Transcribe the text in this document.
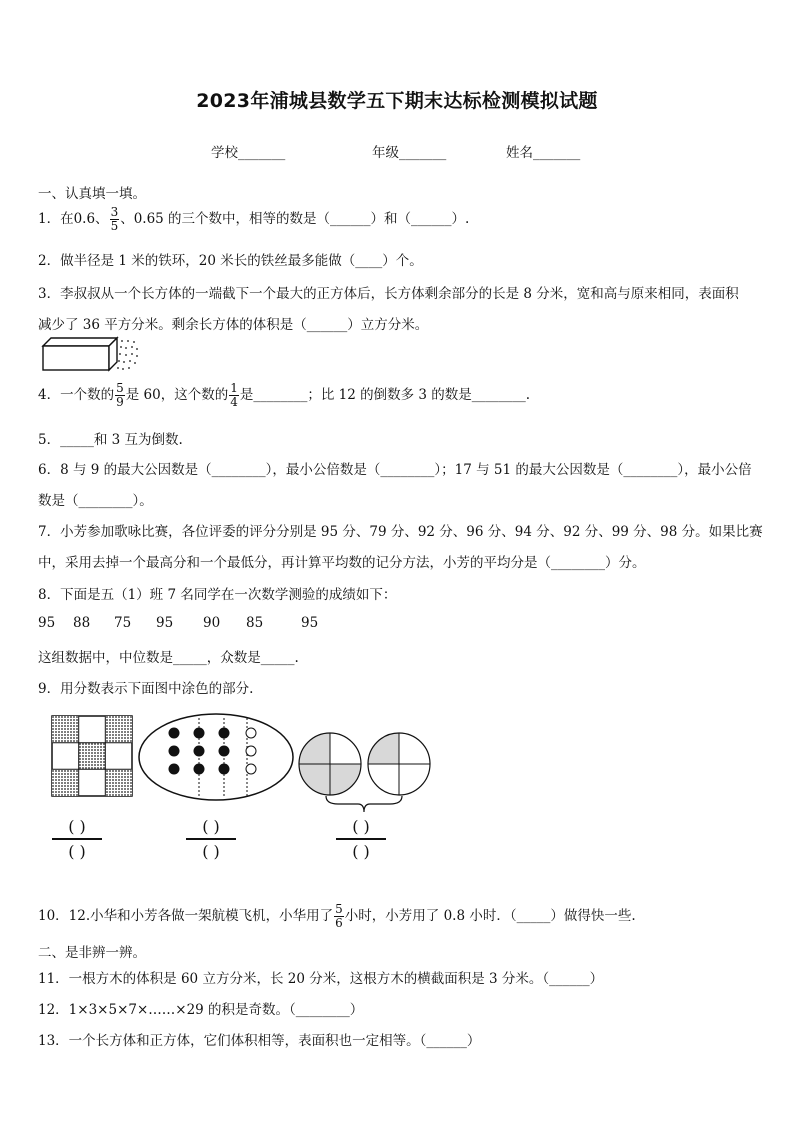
2023年浦城县数学五下期末达标检测模拟试题
学校_______	年级_______	姓名_______
一、认真填一填。
1．在0.6、 $\frac{3}{5}$ 、0.65 的三个数中，相等的数是（______）和（______）.
2．做半径是 1 米的铁环，20 米长的铁丝最多能做（____）个。
3．李叔叔从一个长方体的一端截下一个最大的正方体后，长方体剩余部分的长是 8 分米，宽和高与原来相同，表面积
减少了 36 平方分米。剩余长方体的体积是（______）立方分米。
4．一个数的 $\frac{5}{9}$ 是 60，这个数的 $\frac{1}{4}$ 是________；比 12 的倒数多 3 的数是________.
5．_____和 3 互为倒数.
6．8 与 9 的最大公因数是（________），最小公倍数是（________）；17 与 51 的最大公因数是（________），最小公倍
数是（________）。
7．小芳参加歌咏比赛，各位评委的评分分别是 95 分、79 分、92 分、96 分、94 分、92 分、99 分、98 分。如果比赛
中，采用去掉一个最高分和一个最低分，再计算平均数的记分方法，小芳的平均分是（________）分。
8．下面是五（1）班 7 名同学在一次数学测验的成绩如下：
95 88 75 95 90 85	95
这组数据中，中位数是_____，众数是_____.
9．用分数表示下面图中涂色的部分.
( )
( )
( )
( )
( )
( )
10．12.小华和小芳各做一架航模飞机，小华用了 $\frac{5}{6}$ 小时，小芳用了 0.8 小时．（_____）做得快一些.
二、是非辨一辨。
11．一根方木的体积是 60 立方分米，长 20 分米，这根方木的横截面积是 3 分米。（______）
12．1×3×5×7×……×29 的积是奇数。（________）
13．一个长方体和正方体，它们体积相等，表面积也一定相等。（______）
